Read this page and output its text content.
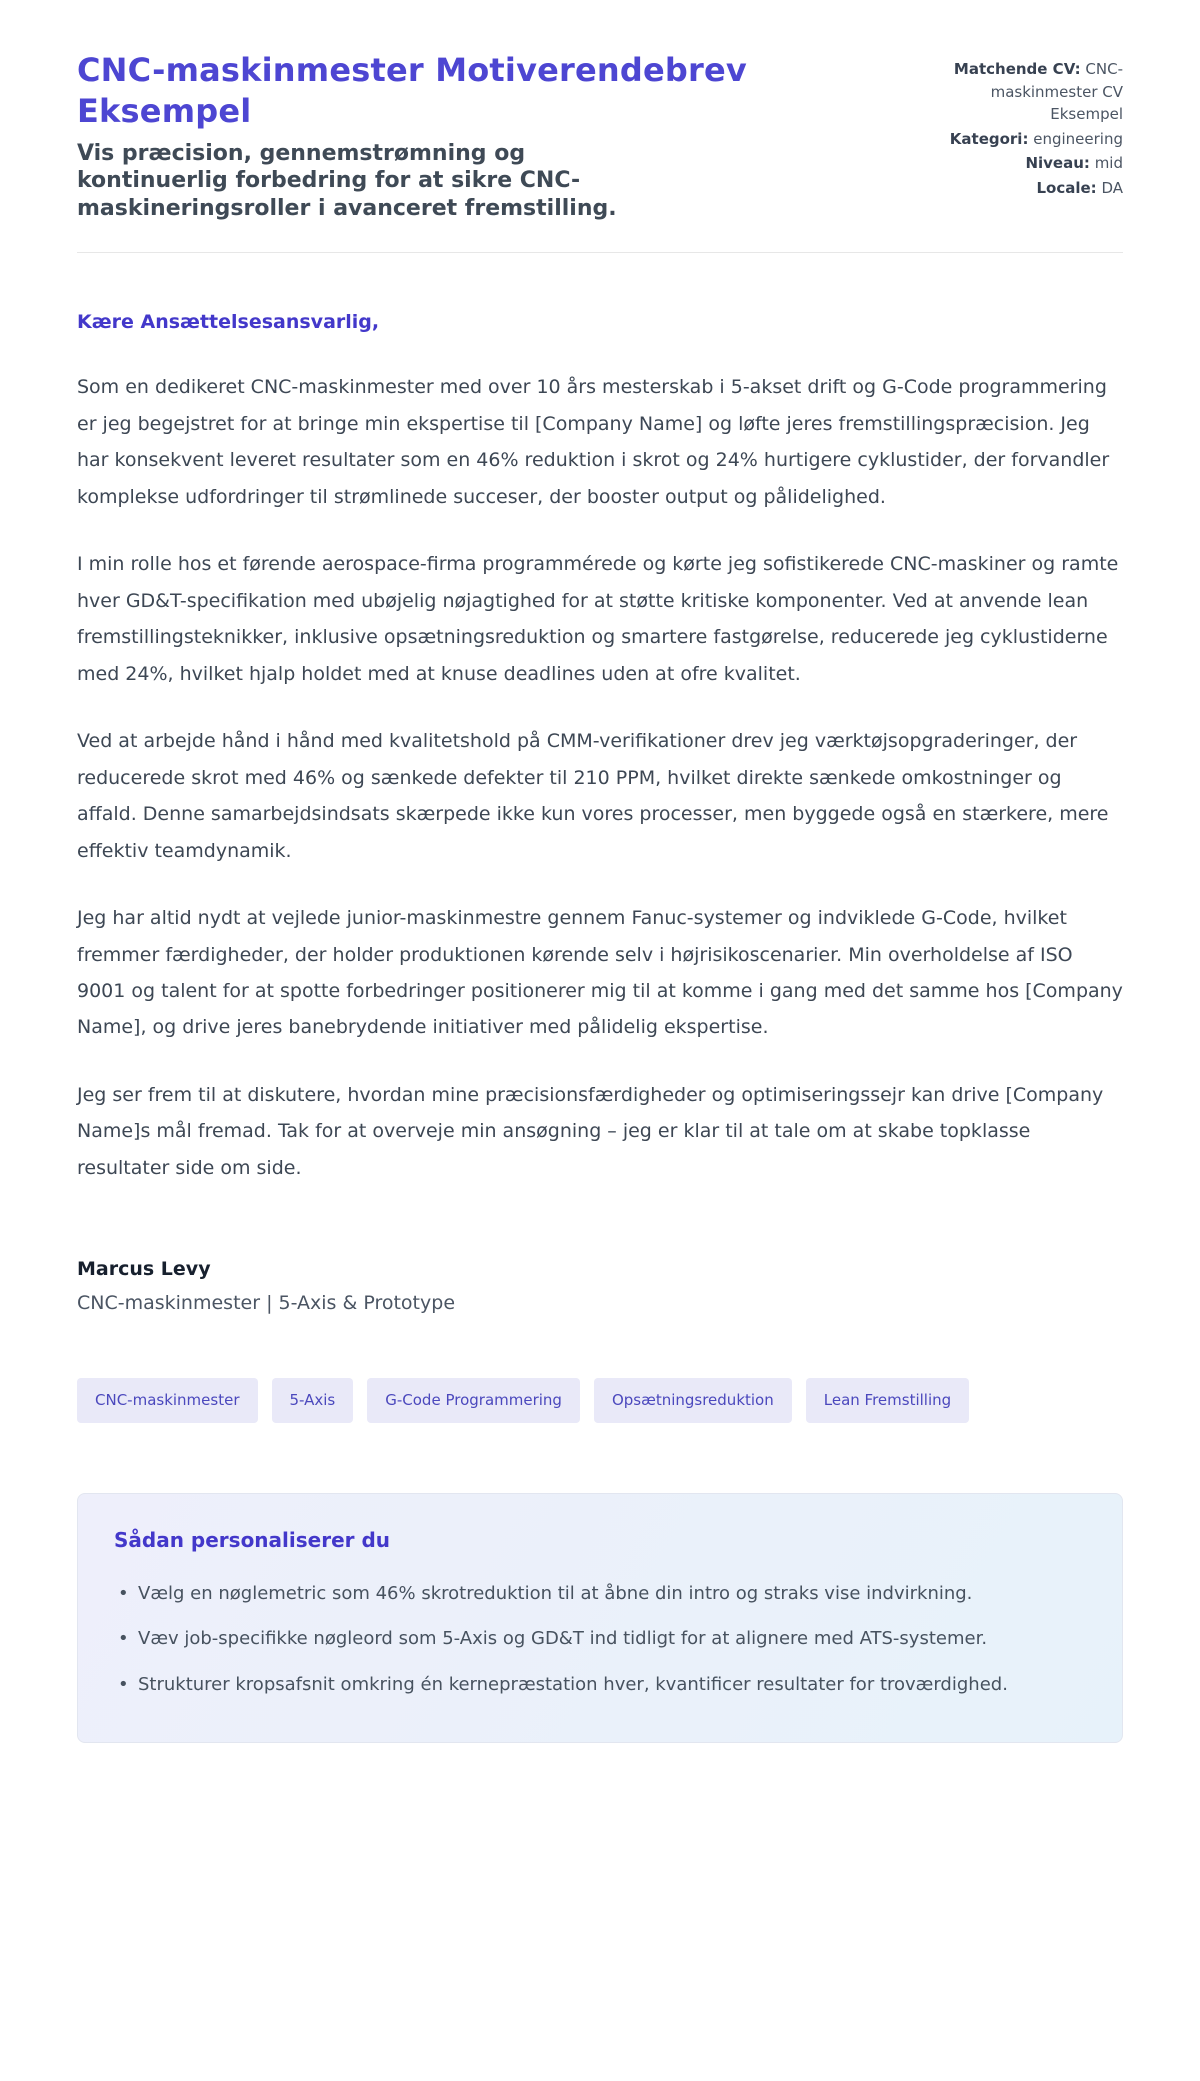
CNC-maskinmester Motiverendebrev Eksempel
Vis præcision, gennemstrømning og kontinuerlig forbedring for at sikre CNC-maskineringsroller i avanceret fremstilling.
Matchende CV: CNC-maskinmester CV Eksempel
Kategori: engineering
Niveau: mid
Locale: DA
Kære Ansættelsesansvarlig,

Som en dedikeret CNC-maskinmester med over 10 års mesterskab i 5-akset drift og G-Code programmering er jeg begejstret for at bringe min ekspertise til [Company Name] og løfte jeres fremstillingspræcision. Jeg har konsekvent leveret resultater som en 46% reduktion i skrot og 24% hurtigere cyklustider, der forvandler komplekse udfordringer til strømlinede succeser, der booster output og pålidelighed.

I min rolle hos et førende aerospace-firma programmérede og kørte jeg sofistikerede CNC-maskiner og ramte hver GD&T-specifikation med ubøjelig nøjagtighed for at støtte kritiske komponenter. Ved at anvende lean fremstillingsteknikker, inklusive opsætningsreduktion og smartere fastgørelse, reducerede jeg cyklustiderne med 24%, hvilket hjalp holdet med at knuse deadlines uden at ofre kvalitet.

Ved at arbejde hånd i hånd med kvalitetshold på CMM-verifikationer drev jeg værktøjsopgraderinger, der reducerede skrot med 46% og sænkede defekter til 210 PPM, hvilket direkte sænkede omkostninger og affald. Denne samarbejdsindsats skærpede ikke kun vores processer, men byggede også en stærkere, mere effektiv teamdynamik.

Jeg har altid nydt at vejlede junior-maskinmestre gennem Fanuc-systemer og indviklede G-Code, hvilket fremmer færdigheder, der holder produktionen kørende selv i højrisikoscenarier. Min overholdelse af ISO 9001 og talent for at spotte forbedringer positionerer mig til at komme i gang med det samme hos [Company Name], og drive jeres banebrydende initiativer med pålidelig ekspertise.

Jeg ser frem til at diskutere, hvordan mine præcisionsfærdigheder og optimiseringssejr kan drive [Company Name]s mål fremad. Tak for at overveje min ansøgning – jeg er klar til at tale om at skabe topklasse resultater side om side.

Marcus Levy
CNC-maskinmester | 5-Axis & Prototype
CNC-maskinmester	5-Axis	G-Code Programmering	Opsætningsreduktion	Lean Fremstilling
Sådan personaliserer du
• Vælg en nøglemetric som 46% skrotreduktion til at åbne din intro og straks vise indvirkning.
• Væv job-specifikke nøgleord som 5-Axis og GD&T ind tidligt for at alignere med ATS-systemer.
• Strukturer kropsafsnit omkring én kernepræstation hver, kvantificer resultater for troværdighed.
